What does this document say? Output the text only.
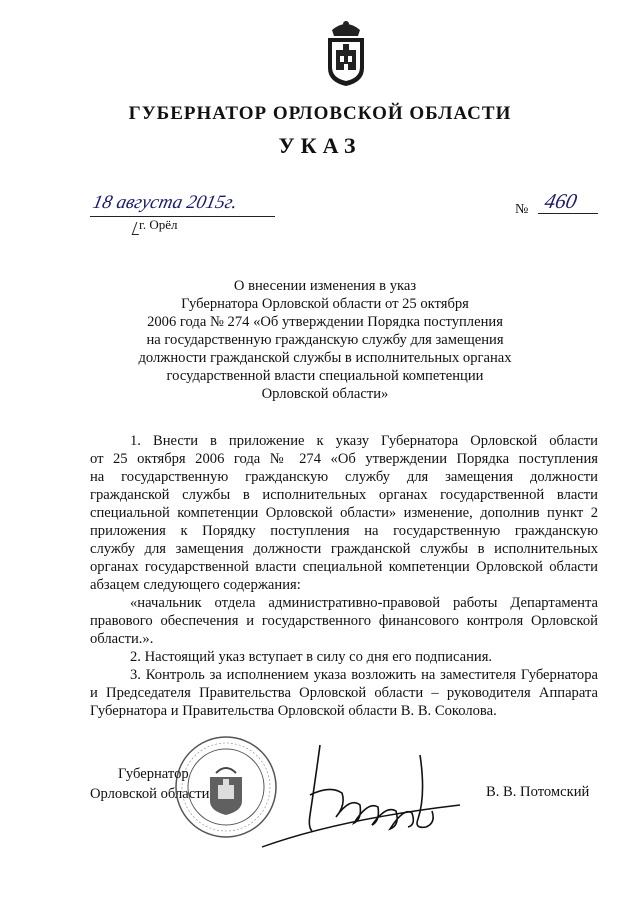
ГУБЕРНАТОР ОРЛОВСКОЙ ОБЛАСТИ
УКАЗ
18 августа 2015г.
г. Орёл
№ 460
О внесении изменения в указ
Губернатора Орловской области от 25 октября
2006 года № 274 «Об утверждении Порядка поступления
на государственную гражданскую службу для замещения
должности гражданской службы в исполнительных органах
государственной власти специальной компетенции
Орловской области»
1. Внести в приложение к указу Губернатора Орловской области
от 25 октября 2006 года № 274 «Об утверждении Порядка поступления
на государственную гражданскую службу для замещения должности
гражданской службы в исполнительных органах государственной власти
специальной компетенции Орловской области» изменение, дополнив пункт 2
приложения к Порядку поступления на государственную гражданскую
службу для замещения должности гражданской службы в исполнительных
органах государственной власти специальной компетенции Орловской области
абзацем следующего содержания:
«начальник отдела административно-правовой работы Департамента
правового обеспечения и государственного финансового контроля Орловской
области.».
2. Настоящий указ вступает в силу со дня его подписания.
3. Контроль за исполнением указа возложить на заместителя Губернатора
и Председателя Правительства Орловской области – руководителя Аппарата
Губернатора и Правительства Орловской области В. В. Соколова.
Губернатор
Орловской области	В. В. Потомский
